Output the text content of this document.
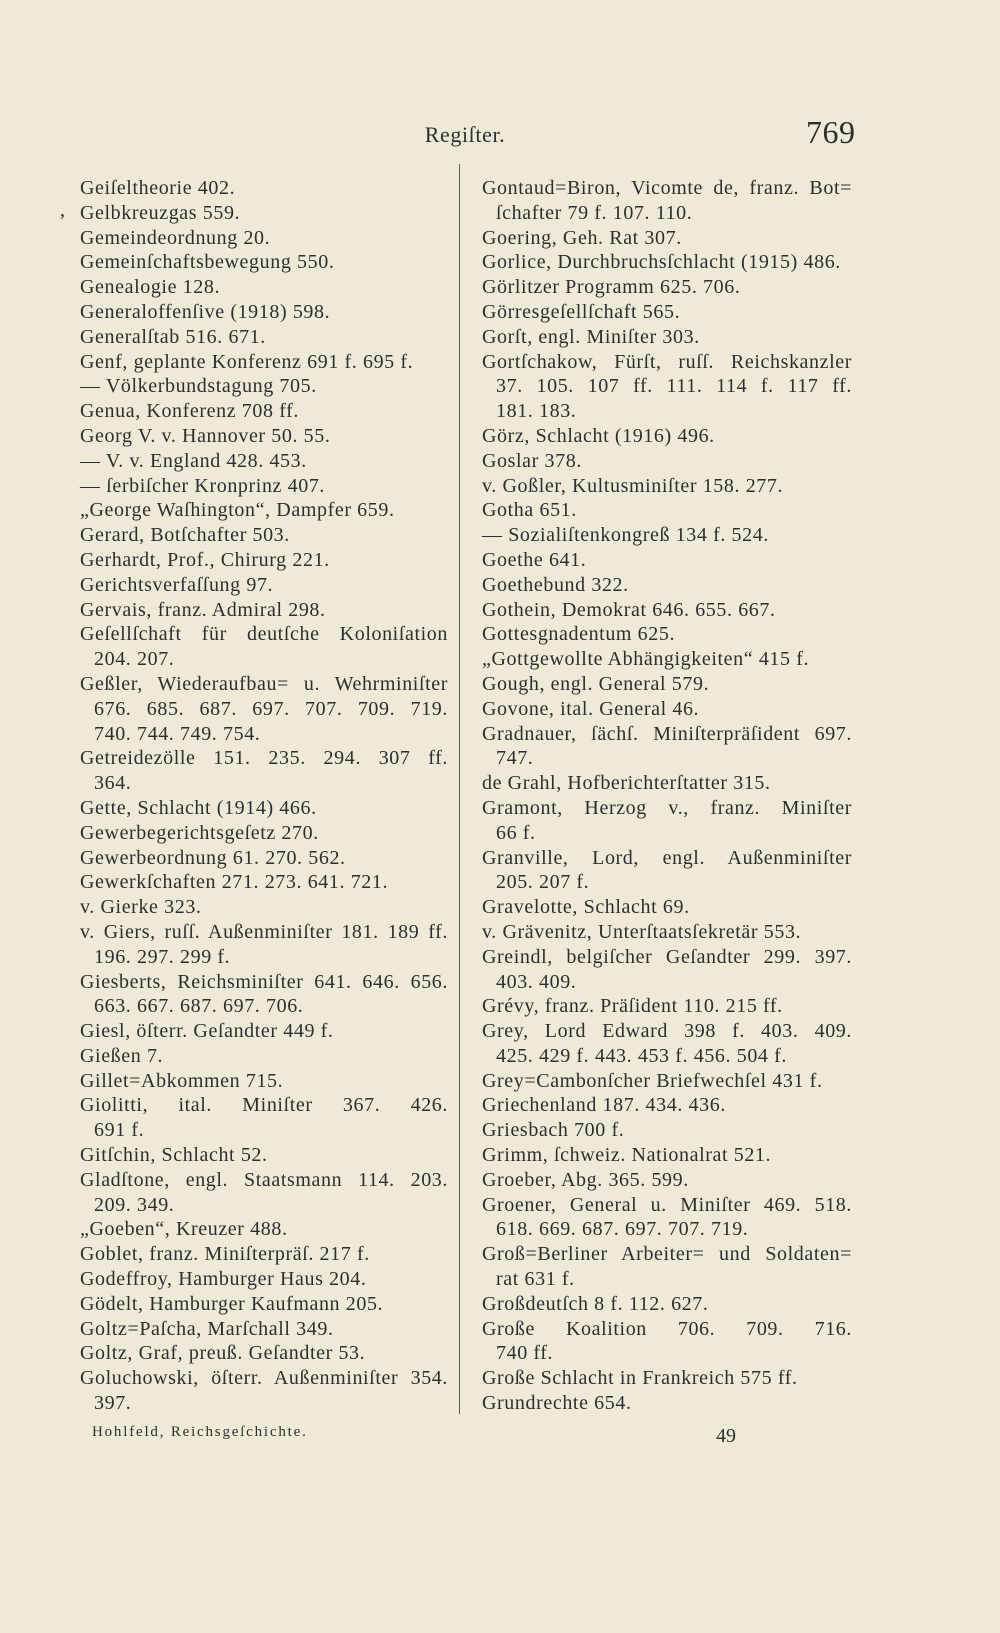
Regiſter.	769
,
Geiſeltheorie 402.
Gelbkreuzgas 559.
Gemeindeordnung 20.
Gemeinſchaftsbewegung 550.
Genealogie 128.
Generaloffenſive (1918) 598.
Generalſtab 516. 671.
Genf, geplante Konferenz 691 f. 695 f.
— Völkerbundstagung 705.
Genua, Konferenz 708 ff.
Georg V. v. Hannover 50. 55.
— V. v. England 428. 453.
— ſerbiſcher Kronprinz 407.
„George Waſhington“, Dampfer 659.
Gerard, Botſchafter 503.
Gerhardt, Prof., Chirurg 221.
Gerichtsverfaſſung 97.
Gervais, franz. Admiral 298.
Geſellſchaft für deutſche Koloniſation
204. 207.
Geßler, Wiederaufbau= u. Wehrminiſter
676. 685. 687. 697. 707. 709. 719.
740. 744. 749. 754.
Getreidezölle 151. 235. 294. 307 ff.
364.
Gette, Schlacht (1914) 466.
Gewerbegerichtsgeſetz 270.
Gewerbeordnung 61. 270. 562.
Gewerkſchaften 271. 273. 641. 721.
v. Gierke 323.
v. Giers, ruſſ. Außenminiſter 181. 189 ff.
196. 297. 299 f.
Giesberts, Reichsminiſter 641. 646. 656.
663. 667. 687. 697. 706.
Giesl, öſterr. Geſandter 449 f.
Gießen 7.
Gillet=Abkommen 715.
Giolitti, ital. Miniſter 367. 426.
691 f.
Gitſchin, Schlacht 52.
Gladſtone, engl. Staatsmann 114. 203.
209. 349.
„Goeben“, Kreuzer 488.
Goblet, franz. Miniſterpräſ. 217 f.
Godeffroy, Hamburger Haus 204.
Gödelt, Hamburger Kaufmann 205.
Goltz=Paſcha, Marſchall 349.
Goltz, Graf, preuß. Geſandter 53.
Goluchowski, öſterr. Außenminiſter 354.
397.
Gontaud=Biron, Vicomte de, franz. Bot=
ſchafter 79 f. 107. 110.
Goering, Geh. Rat 307.
Gorlice, Durchbruchsſchlacht (1915) 486.
Görlitzer Programm 625. 706.
Görresgeſellſchaft 565.
Gorſt, engl. Miniſter 303.
Gortſchakow, Fürſt, ruſſ. Reichskanzler
37. 105. 107 ff. 111. 114 f. 117 ff.
181. 183.
Görz, Schlacht (1916) 496.
Goslar 378.
v. Goßler, Kultusminiſter 158. 277.
Gotha 651.
— Sozialiſtenkongreß 134 f. 524.
Goethe 641.
Goethebund 322.
Gothein, Demokrat 646. 655. 667.
Gottesgnadentum 625.
„Gottgewollte Abhängigkeiten“ 415 f.
Gough, engl. General 579.
Govone, ital. General 46.
Gradnauer, ſächſ. Miniſterpräſident 697.
747.
de Grahl, Hofberichterſtatter 315.
Gramont, Herzog v., franz. Miniſter
66 f.
Granville, Lord, engl. Außenminiſter
205. 207 f.
Gravelotte, Schlacht 69.
v. Grävenitz, Unterſtaatsſekretär 553.
Greindl, belgiſcher Geſandter 299. 397.
403. 409.
Grévy, franz. Präſident 110. 215 ff.
Grey, Lord Edward 398 f. 403. 409.
425. 429 f. 443. 453 f. 456. 504 f.
Grey=Cambonſcher Briefwechſel 431 f.
Griechenland 187. 434. 436.
Griesbach 700 f.
Grimm, ſchweiz. Nationalrat 521.
Groeber, Abg. 365. 599.
Groener, General u. Miniſter 469. 518.
618. 669. 687. 697. 707. 719.
Groß=Berliner Arbeiter= und Soldaten=
rat 631 f.
Großdeutſch 8 f. 112. 627.
Große Koalition 706. 709. 716.
740 ff.
Große Schlacht in Frankreich 575 ff.
Grundrechte 654.
Hohlfeld, Reichsgeſchichte.	49
